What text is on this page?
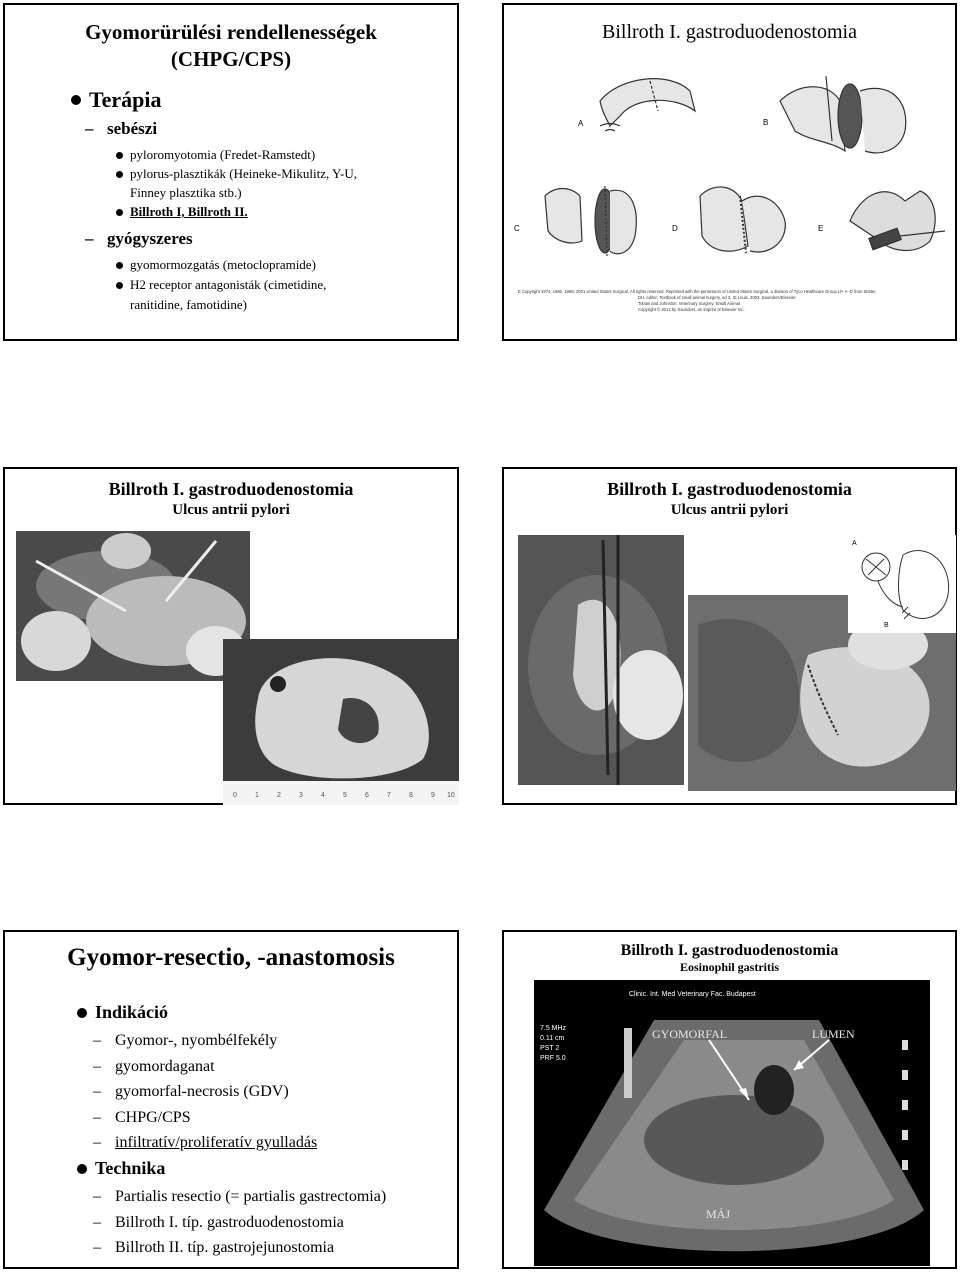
Gyomorürülési rendellenességek
(CHPG/CPS)
Terápia
– sebészi
pyloromyotomia (Fredet-Ramstedt)
pylorus-plasztikák (Heineke-Mikulitz, Y-U,
Finney plasztika stb.)
Billroth I, Billroth II.
– gyógyszeres
gyomormozgatás (metoclopramide)
H2 receptor antagonisták (cimetidine,
ranitidine, famotidine)
Billroth I. gastroduodenostomia
A	B
C	D	E
E Copyright 1974, 1980, 1988, 2001 United States Surgical. All rights reserved. Reprinted with the permission of United States Surgical, a division of Tyco Healthcare Group LP. A–D from Slatter,
DH, editor: Textbook of small animal surgery, ed 3, St Louis, 2003, Saunders/Elsevier.
Tobias and Johnston: Veterinary Surgery: Small Animal
Copyright © 2012 by Saunders, an imprint of Elsevier Inc.
Billroth I. gastroduodenostomia
Ulcus antrii pylori
0	1	2	3	4	5	6	7	8	9 10
Billroth I. gastroduodenostomia
Ulcus antrii pylori
A
B
Gyomor-resectio, -anastomosis
Indikáció
– Gyomor-, nyombélfekély
– gyomordaganat
– gyomorfal-necrosis (GDV)
– CHPG/CPS
– infiltratív/proliferatív gyulladás
Technika
– Partialis resectio (= partialis gastrectomia)
– Billroth I. típ. gastroduodenostomia
– Billroth II. típ. gastrojejunostomia
Billroth I. gastroduodenostomia
Eosinophil gastritis
Clinic. Int. Med Veterinary Fac. Budapest
7.5 MHz
0.11 cm
PST 2
PRF 5.0
GYOMORFAL	LUMEN
MÁJ
